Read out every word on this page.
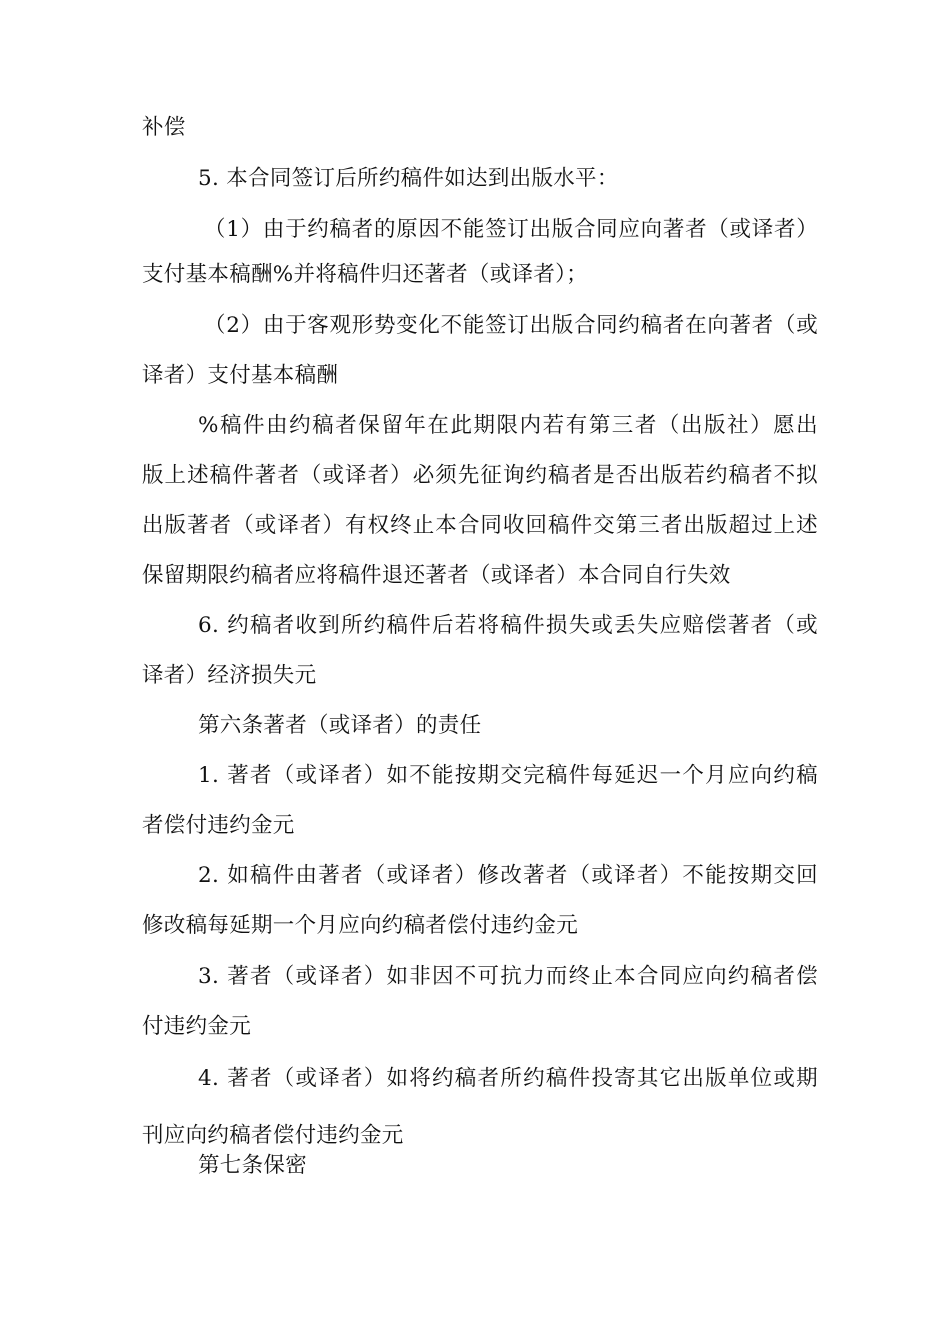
补偿
5. 本合同签订后所约稿件如达到出版水平：
（1）由于约稿者的原因不能签订出版合同应向著者（或译者）
支付基本稿酬%并将稿件归还著者（或译者）；
（2）由于客观形势变化不能签订出版合同约稿者在向著者（或
译者）支付基本稿酬
%稿件由约稿者保留年在此期限内若有第三者（出版社）愿出
版上述稿件著者（或译者）必须先征询约稿者是否出版若约稿者不拟
出版著者（或译者）有权终止本合同收回稿件交第三者出版超过上述
保留期限约稿者应将稿件退还著者（或译者）本合同自行失效
6. 约稿者收到所约稿件后若将稿件损失或丢失应赔偿著者（或
译者）经济损失元
第六条著者（或译者）的责任
1. 著者（或译者）如不能按期交完稿件每延迟一个月应向约稿
者偿付违约金元
2. 如稿件由著者（或译者）修改著者（或译者）不能按期交回
修改稿每延期一个月应向约稿者偿付违约金元
3. 著者（或译者）如非因不可抗力而终止本合同应向约稿者偿
付违约金元
4. 著者（或译者）如将约稿者所约稿件投寄其它出版单位或期
刊应向约稿者偿付违约金元
第七条保密
